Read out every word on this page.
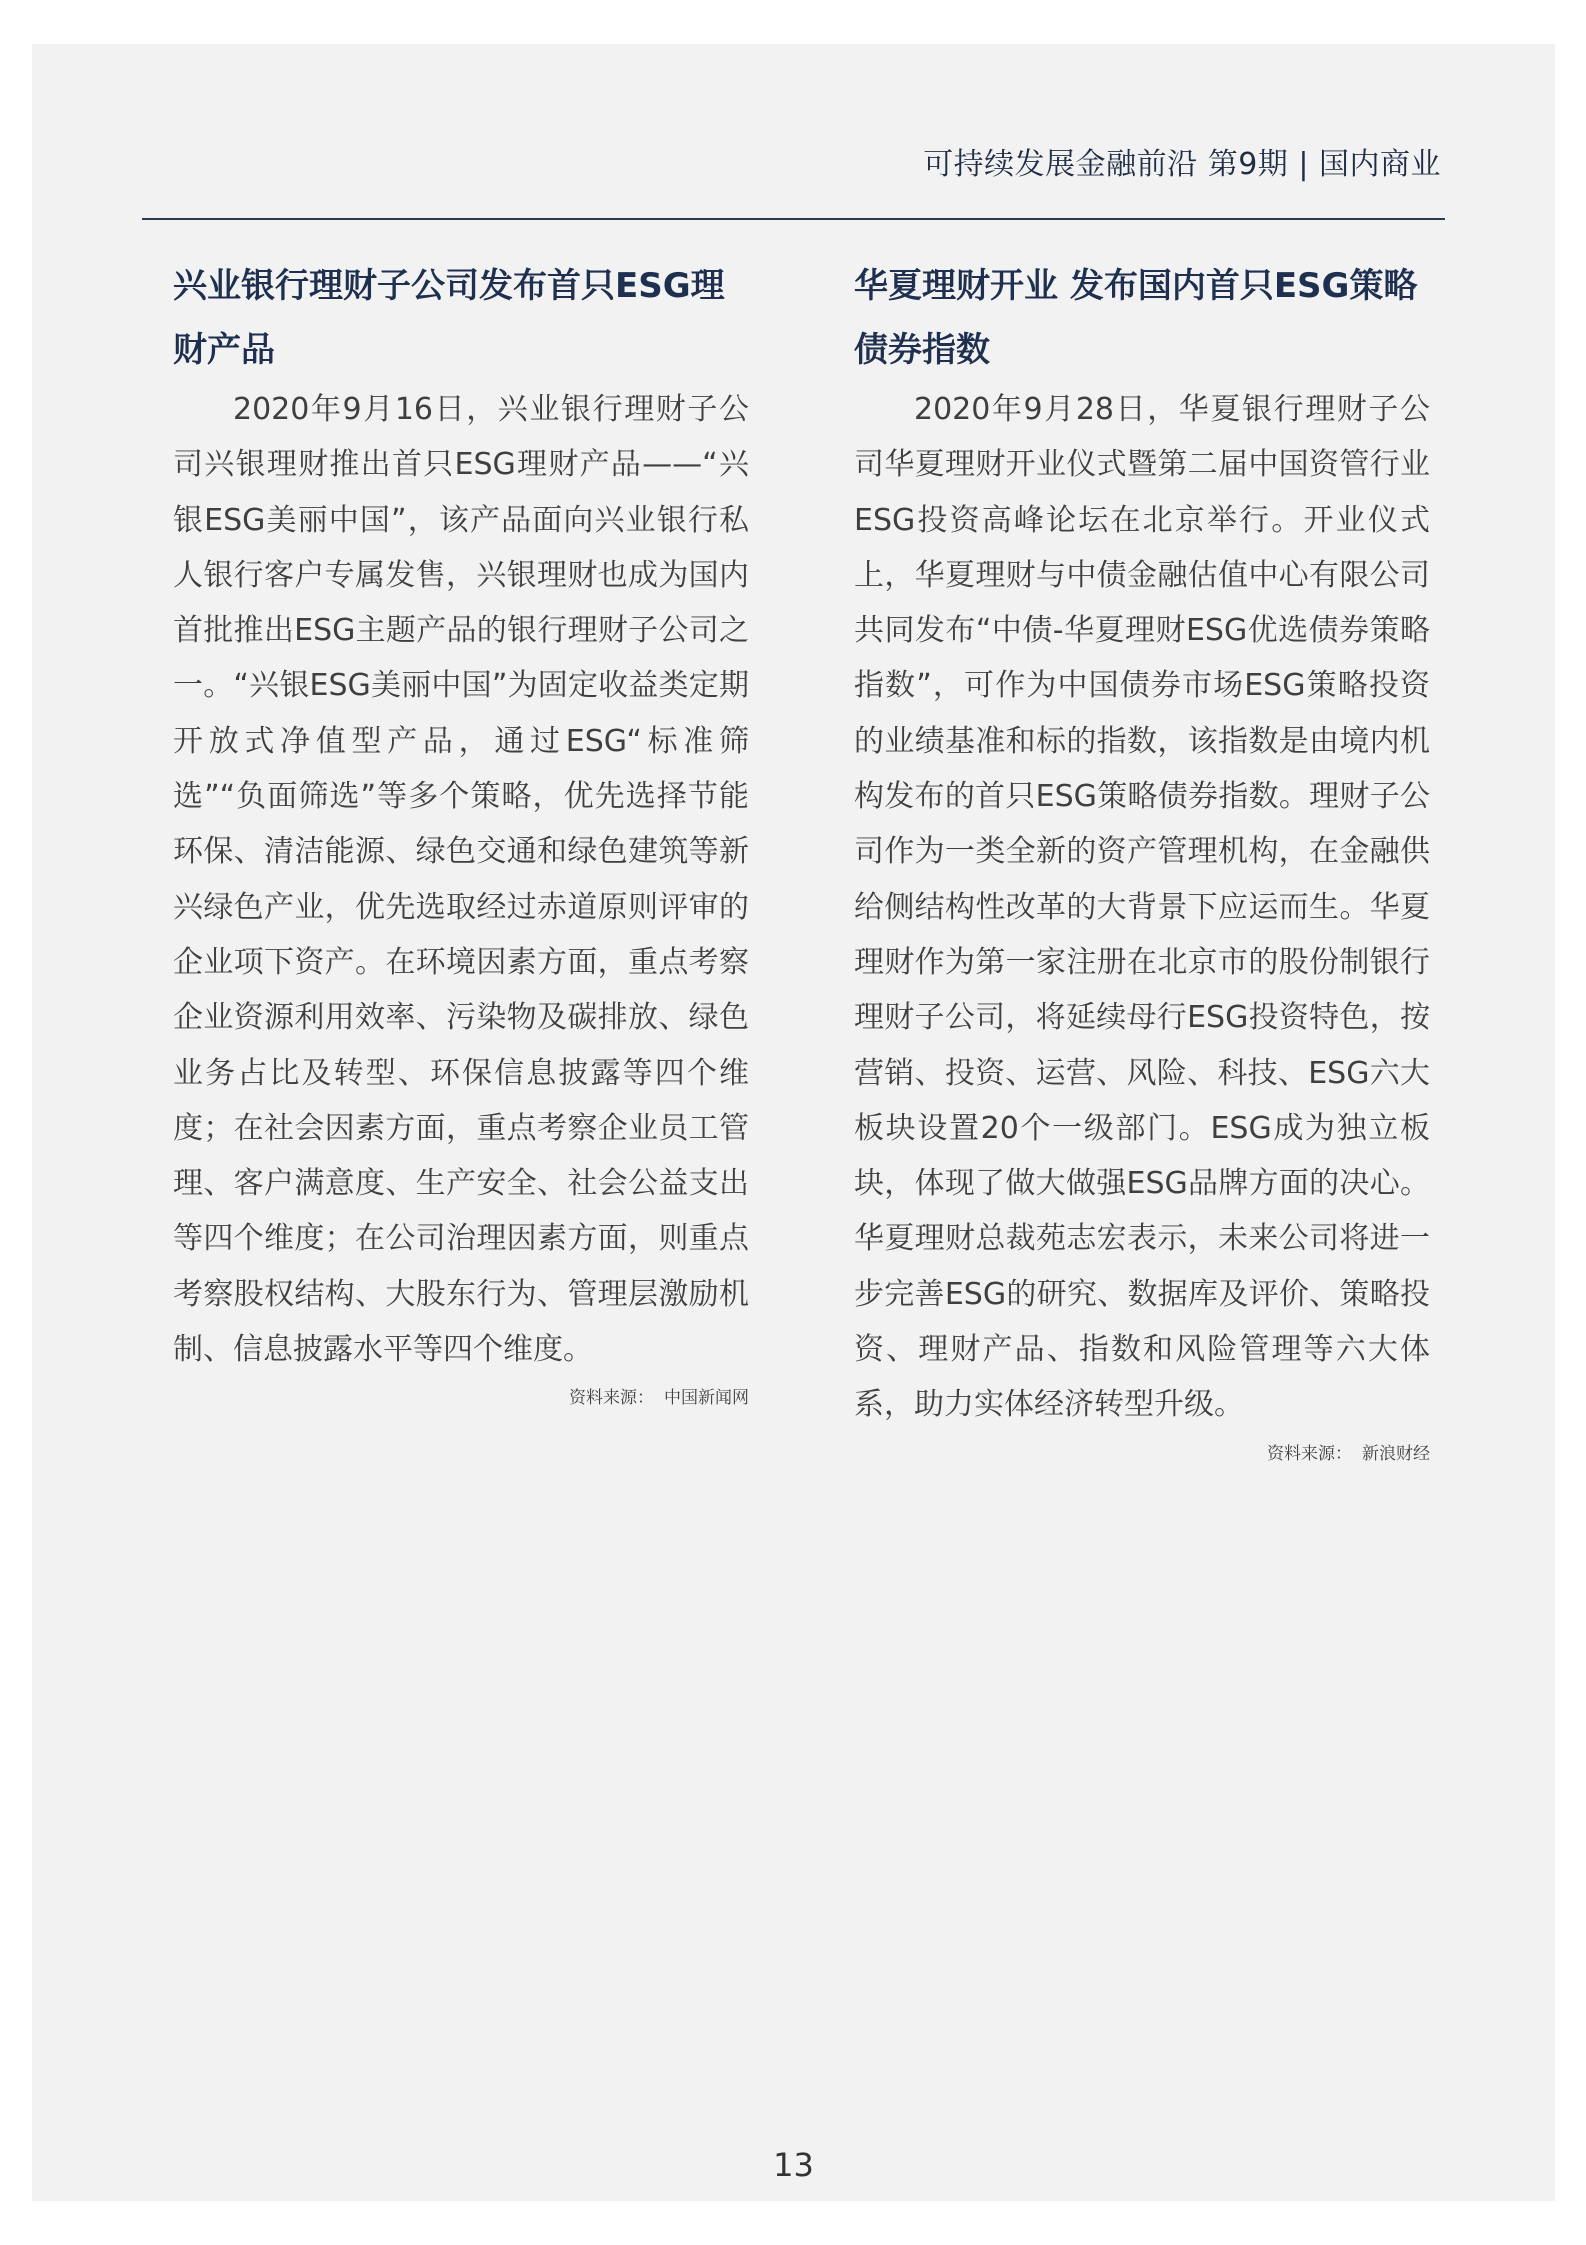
可持续发展金融前沿 第9期 | 国内商业
兴业银行理财子公司发布首只ESG理财产品

2020年9月16日，兴业银行理财子公司兴银理财推出首只ESG理财产品——“兴银ESG美丽中国”，该产品面向兴业银行私人银行客户专属发售，兴银理财也成为国内首批推出ESG主题产品的银行理财子公司之一。“兴银ESG美丽中国”为固定收益类定期开放式净值型产品，通过ESG“标准筛选”“负面筛选”等多个策略，优先选择节能环保、清洁能源、绿色交通和绿色建筑等新兴绿色产业，优先选取经过赤道原则评审的企业项下资产。在环境因素方面，重点考察企业资源利用效率、污染物及碳排放、绿色业务占比及转型、环保信息披露等四个维度；在社会因素方面，重点考察企业员工管理、客户满意度、生产安全、社会公益支出等四个维度；在公司治理因素方面，则重点考察股权结构、大股东行为、管理层激励机制、信息披露水平等四个维度。

资料来源： 中国新闻网
华夏理财开业 发布国内首只ESG策略债券指数

2020年9月28日，华夏银行理财子公司华夏理财开业仪式暨第二届中国资管行业ESG投资高峰论坛在北京举行。开业仪式上，华夏理财与中债金融估值中心有限公司共同发布“中债-华夏理财ESG优选债券策略指数”，可作为中国债券市场ESG策略投资的业绩基准和标的指数，该指数是由境内机构发布的首只ESG策略债券指数。理财子公司作为一类全新的资产管理机构，在金融供给侧结构性改革的大背景下应运而生。华夏理财作为第一家注册在北京市的股份制银行理财子公司，将延续母行ESG投资特色，按营销、投资、运营、风险、科技、ESG六大板块设置20个一级部门。ESG成为独立板块，体现了做大做强ESG品牌方面的决心。华夏理财总裁苑志宏表示，未来公司将进一步完善ESG的研究、数据库及评价、策略投资、理财产品、指数和风险管理等六大体系，助力实体经济转型升级。

资料来源： 新浪财经
13
